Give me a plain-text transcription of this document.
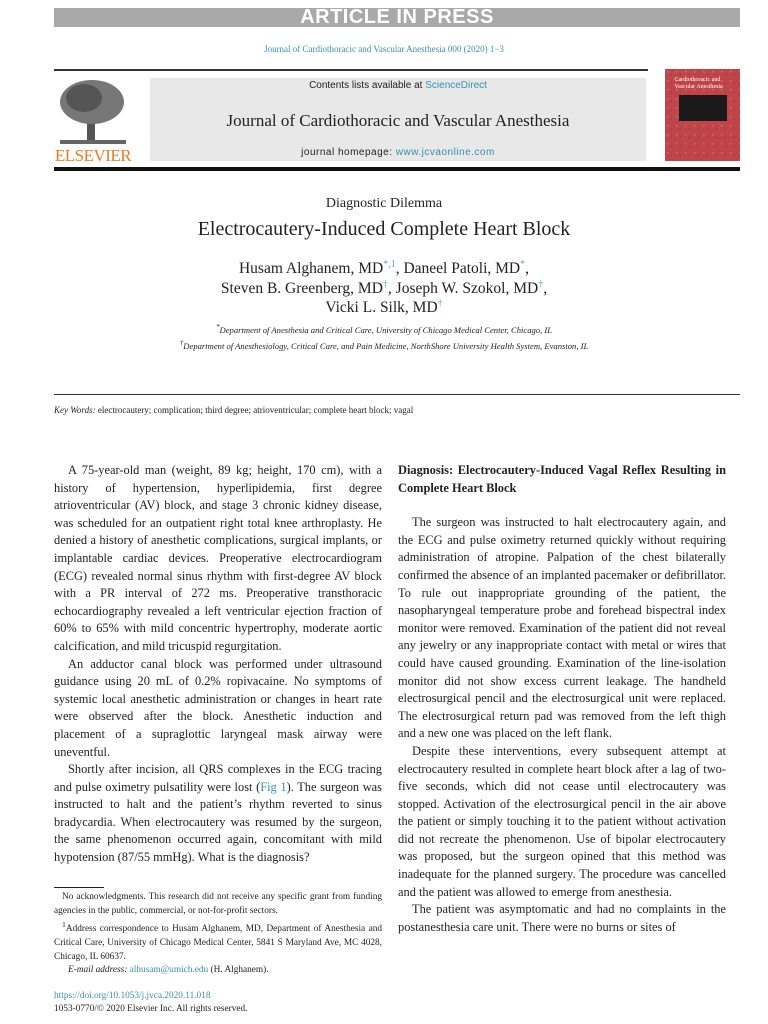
ARTICLE IN PRESS
Journal of Cardiothoracic and Vascular Anesthesia 000 (2020) 1−3
ELSEVIER
Contents lists available at ScienceDirect
Journal of Cardiothoracic and Vascular Anesthesia
journal homepage: www.jcvaonline.com
Cardiothoracic and Vascular Anesthesia
Diagnostic Dilemma
Electrocautery-Induced Complete Heart Block
Husam Alghanem, $MD^{*,1}$, Daneel Patoli, MD*,
Steven B. Greenberg, MD†, Joseph W. Szokol, MD†,
Vicki L. Silk, MD†
*Department of Anesthesia and Critical Care, University of Chicago Medical Center, Chicago, IL
†Department of Anesthesiology, Critical Care, and Pain Medicine, NorthShore University Health System, Evanston, IL
Key Words: electrocautery; complication; third degree; atrioventricular; complete heart block; vagal

A 75-year-old man (weight, 89 kg; height, 170 cm), with a history of hypertension, hyperlipidemia, first degree atrioventricular (AV) block, and stage 3 chronic kidney disease, was scheduled for an outpatient right total knee arthroplasty. He denied a history of anesthetic complications, surgical implants, or implantable cardiac devices. Preoperative electrocardiogram (ECG) revealed normal sinus rhythm with first-degree AV block with a PR interval of 272 ms. Preoperative transthoracic echocardiography revealed a left ventricular ejection fraction of 60% to 65% with mild concentric hypertrophy, moderate aortic calcification, and mild tricuspid regurgitation.

An adductor canal block was performed under ultrasound guidance using 20 mL of 0.2% ropivacaine. No symptoms of systemic local anesthetic administration or changes in heart rate were observed after the block. Anesthetic induction and placement of a supraglottic laryngeal mask airway were uneventful.

Shortly after incision, all QRS complexes in the ECG tracing and pulse oximetry pulsatility were lost (Fig 1). The surgeon was instructed to halt and the patient’s rhythm reverted to sinus bradycardia. When electrocautery was resumed by the surgeon, the same phenomenon occurred again, concomitant with mild hypotension (87/55 mmHg). What is the diagnosis?

No acknowledgments. This research did not receive any specific grant from funding agencies in the public, commercial, or not-for-profit sectors.

$^1$Address correspondence to Husam Alghanem, MD, Department of Anesthesia and Critical Care, University of Chicago Medical Center, 5841 S Maryland Ave, MC 4028, Chicago, IL 60637.

E-mail address: alhusam@umich.edu (H. Alghanem).

https://doi.org/10.1053/j.jvca.2020.11.018
1053-0770/© 2020 Elsevier Inc. All rights reserved.

Diagnosis: Electrocautery-Induced Vagal Reflex Resulting in Complete Heart Block

The surgeon was instructed to halt electrocautery again, and the ECG and pulse oximetry returned quickly without requiring administration of atropine. Palpation of the chest bilaterally confirmed the absence of an implanted pacemaker or defibrillator. To rule out inappropriate grounding of the patient, the nasopharyngeal temperature probe and forehead bispectral index monitor were removed. Examination of the patient did not reveal any jewelry or any inappropriate contact with metal or wires that could have caused grounding. Examination of the line-isolation monitor did not show excess current leakage. The handheld electrosurgical pencil and the electrosurgical unit were replaced. The electrosurgical return pad was removed from the left thigh and a new one was placed on the left flank.

Despite these interventions, every subsequent attempt at electrocautery resulted in complete heart block after a lag of two-five seconds, which did not cease until electrocautery was stopped. Activation of the electrosurgical pencil in the air above the patient or simply touching it to the patient without activation did not recreate the phenomenon. Use of bipolar electrocautery was proposed, but the surgeon opined that this method was inadequate for the planned surgery. The procedure was cancelled and the patient was allowed to emerge from anesthesia.

The patient was asymptomatic and had no complaints in the postanesthesia care unit. There were no burns or sites of
